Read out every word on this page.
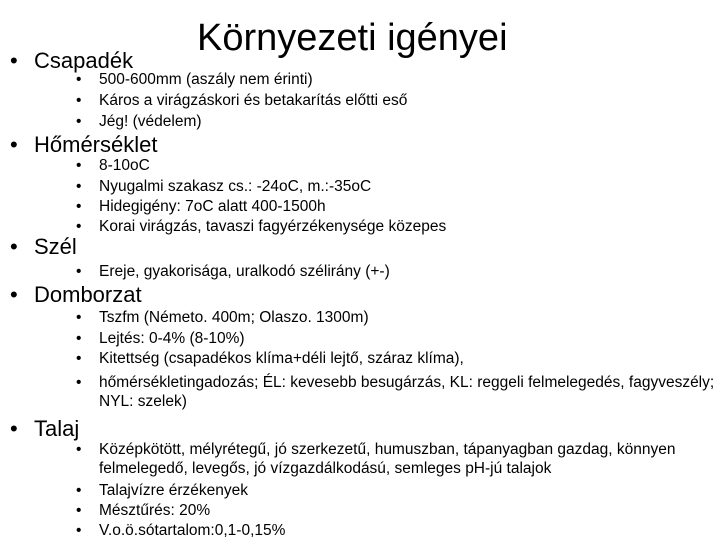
Környezeti igényei
• Csapadék
• 500-600mm (aszály nem érinti)
• Káros a virágzáskori és betakarítás előtti eső
• Jég! (védelem)
• Hőmérséklet
• 8-10oC
• Nyugalmi szakasz cs.: -24oC, m.:-35oC
• Hidegigény: 7oC alatt 400-1500h
• Korai virágzás, tavaszi fagyérzékenysége közepes
• Szél
• Ereje, gyakorisága, uralkodó szélirány (+-)
• Domborzat
• Tszfm (Németo. 400m; Olaszo. 1300m)
• Lejtés: 0-4% (8-10%)
• Kitettség (csapadékos klíma+déli lejtő, száraz klíma),
• hőmérsékletingadozás; ÉL: kevesebb besugárzás, KL: reggeli felmelegedés, fagyveszély; NYL: szelek)
• Talaj
• Középkötött, mélyrétegű, jó szerkezetű, humuszban, tápanyagban gazdag, könnyen felmelegedő, levegős, jó vízgazdálkodású, semleges pH-jú talajok
• Talajvízre érzékenyek
• Mésztűrés: 20%
• V.o.ö.sótartalom:0,1-0,15%
